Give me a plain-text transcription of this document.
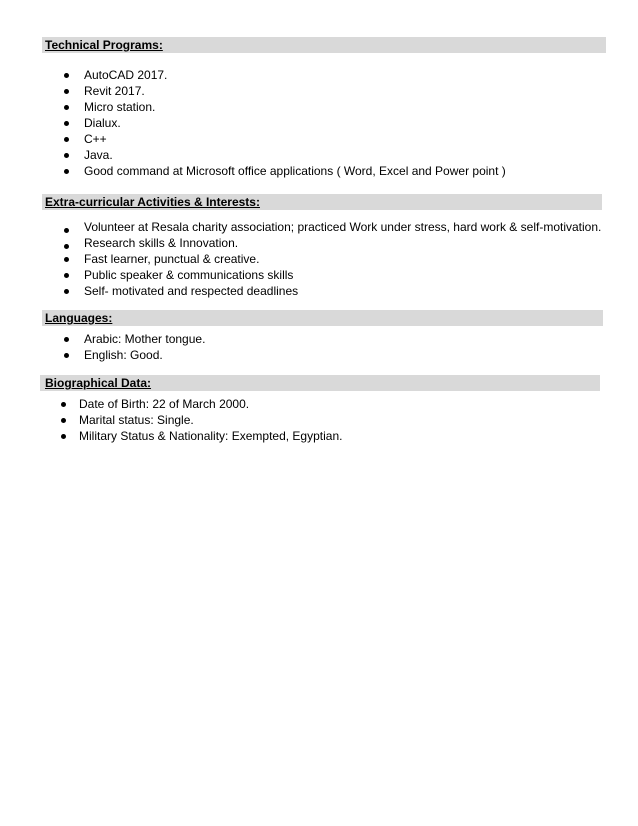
Technical Programs:
AutoCAD 2017.
Revit 2017.
Micro station.
Dialux.
C++
Java.
Good command at Microsoft office applications ( Word, Excel and Power point )
Extra-curricular Activities & Interests:
Volunteer at Resala charity association; practiced Work under stress, hard work & self-motivation.
Research skills & Innovation.
Fast learner, punctual & creative.
Public speaker & communications skills
Self- motivated and respected deadlines
Languages:
Arabic: Mother tongue.
English: Good.
Biographical Data:
Date of Birth: 22 of March 2000.
Marital status: Single.
Military Status & Nationality: Exempted, Egyptian.
